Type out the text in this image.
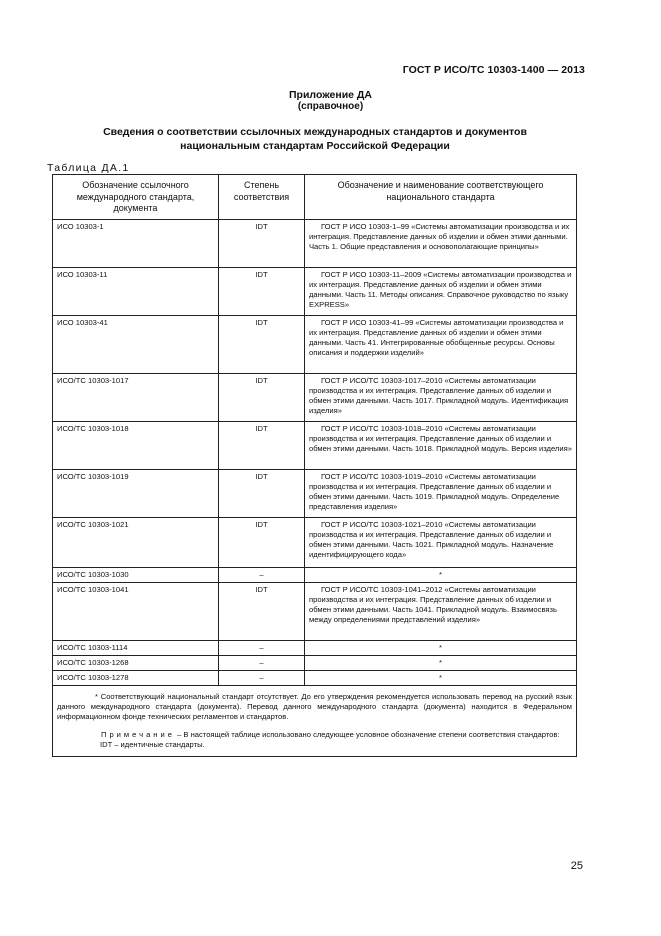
ГОСТ Р ИСО/ТС 10303-1400 — 2013
Приложение ДА
(справочное)
Сведения о соответствии ссылочных международных стандартов и документов
национальным стандартам Российской Федерации
Таблица ДА.1
Обозначение ссылочного международного стандарта, документа	Степень соответствия	Обозначение и наименование соответствующего национального стандарта
ИСО 10303-1	IDT	ГОСТ Р ИСО 10303-1–99 «Системы автоматизации производства и их интеграция. Представление данных об изделии и обмен этими данными. Часть 1. Общие представления и основополагающие принципы»
ИСО 10303-11	IDT	ГОСТ Р ИСО 10303-11–2009 «Системы автоматизации производства и их интеграция. Представление данных об изделии и обмен этими данными. Часть 11. Методы описания. Справочное руководство по языку EXPRESS»
ИСО 10303-41	IDT	ГОСТ Р ИСО 10303-41–99 «Системы автоматизации производства и их интеграция. Представление данных об изделии и обмен этими данными. Часть 41. Интегрированные обобщенные ресурсы. Основы описания и поддержки изделий»
ИСО/ТС 10303-1017	IDT	ГОСТ Р ИСО/ТС 10303-1017–2010 «Системы автоматизации производства и их интеграция. Представление данных об изделии и обмен этими данными. Часть 1017. Прикладной модуль. Идентификация изделия»
ИСО/ТС 10303-1018	IDT	ГОСТ Р ИСО/ТС 10303-1018–2010 «Системы автоматизации производства и их интеграция. Представление данных об изделии и обмен этими данными. Часть 1018. Прикладной модуль. Версия изделия»
ИСО/ТС 10303-1019	IDT	ГОСТ Р ИСО/ТС 10303-1019–2010 «Системы автоматизации производства и их интеграция. Представление данных об изделии и обмен этими данными. Часть 1019. Прикладной модуль. Определение представления изделия»
ИСО/ТС 10303-1021	IDT	ГОСТ Р ИСО/ТС 10303-1021–2010 «Системы автоматизации производства и их интеграция. Представление данных об изделии и обмен этими данными. Часть 1021. Прикладной модуль. Назначение идентифицирующего кода»
ИСО/ТС 10303-1030	–	*
ИСО/ТС 10303-1041	IDT	ГОСТ Р ИСО/ТС 10303-1041–2012 «Системы автоматизации производства и их интеграция. Представление данных об изделии и обмен этими данными. Часть 1041. Прикладной модуль. Взаимосвязь между определениями представлений изделия»
ИСО/ТС 10303-1114	–	*
ИСО/ТС 10303-1268	–	*
ИСО/ТС 10303-1278	–	*

* Соответствующий национальный стандарт отсутствует. До его утверждения рекомендуется использовать перевод на русский язык данного международного стандарта (документа). Перевод данного международного стандарта (документа) находится в Федеральном информационном фонде технических регламентов и стандартов.
Примечание – В настоящей таблице использовано следующее условное обозначение степени соответствия стандартов:
IDT – идентичные стандарты.		
25
